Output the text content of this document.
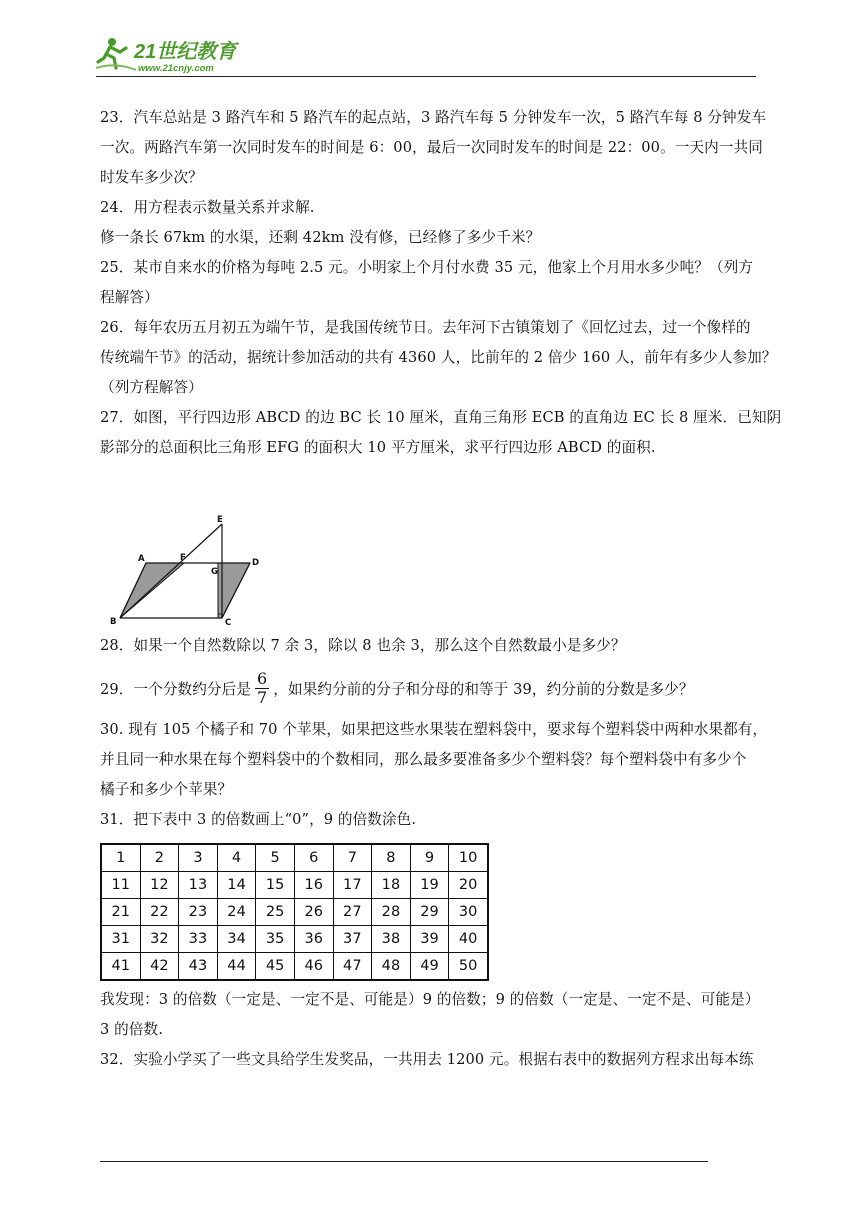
21世纪教育
www.21cnjy.com
23．汽车总站是 3 路汽车和 5 路汽车的起点站，3 路汽车每 5 分钟发车一次，5 路汽车每 8 分钟发车
一次。两路汽车第一次同时发车的时间是 6：00，最后一次同时发车的时间是 22：00。一天内一共同
时发车多少次？
24．用方程表示数量关系并求解.
修一条长 67km 的水渠，还剩 42km 没有修，已经修了多少千米？
25．某市自来水的价格为每吨 2.5 元。小明家上个月付水费 35 元，他家上个月用水多少吨？（列方
程解答）
26．每年农历五月初五为端午节，是我国传统节日。去年河下古镇策划了《回忆过去，过一个像样的
传统端午节》的活动，据统计参加活动的共有 4360 人，比前年的 2 倍少 160 人，前年有多少人参加？
（列方程解答）
27．如图，平行四边形 ABCD 的边 BC 长 10 厘米，直角三角形 ECB 的直角边 EC 长 8 厘米．已知阴
影部分的总面积比三角形 EFG 的面积大 10 平方厘米，求平行四边形 ABCD 的面积.
A
B	C
D
E
F
G
28．如果一个自然数除以 7 余 3，除以 8 也余 3，那么这个自然数最小是多少？
29．一个分数约分后是 $\frac{6}{7}$ ，如果约分前的分子和分母的和等于 39，约分前的分数是多少？
30. 现有 105 个橘子和 70 个苹果，如果把这些水果装在塑料袋中，要求每个塑料袋中两种水果都有，
并且同一种水果在每个塑料袋中的个数相同，那么最多要准备多少个塑料袋？每个塑料袋中有多少个
橘子和多少个苹果？
31．把下表中 3 的倍数画上“0”，9 的倍数涂色.
1	2	3	4	5	6	7	8	9	10
11	12	13	14	15	16	17	18	19	20
21	22	23	24	25	26	27	28	29	30
31	32	33	34	35	36	37	38	39	40
41	42	43	44	45	46	47	48	49	50
我发现：3 的倍数（一定是、一定不是、可能是）9 的倍数；9 的倍数（一定是、一定不是、可能是）
3 的倍数.
32．实验小学买了一些文具给学生发奖品，一共用去 1200 元。根据右表中的数据列方程求出每本练
